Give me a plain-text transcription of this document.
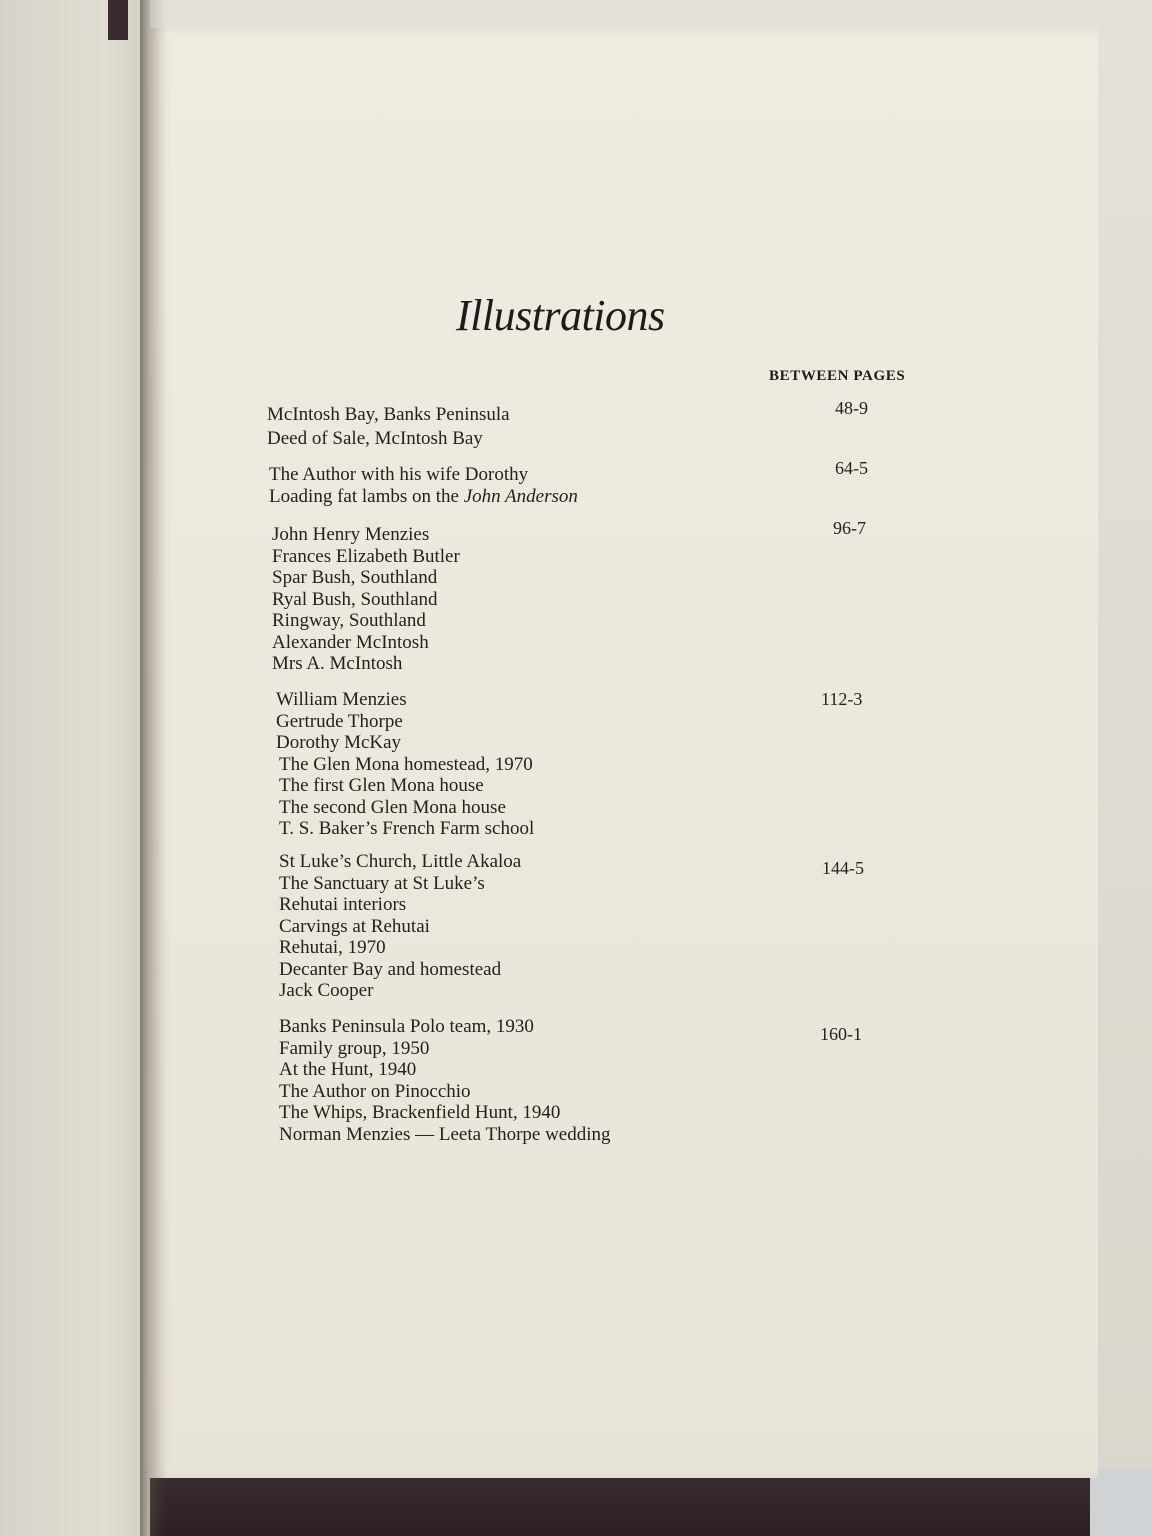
Illustrations
BETWEEN PAGES
McIntosh Bay, Banks Peninsula
Deed of Sale, McIntosh Bay
48-9
The Author with his wife Dorothy
Loading fat lambs on the John Anderson
64-5
John Henry Menzies
Frances Elizabeth Butler
Spar Bush, Southland
Ryal Bush, Southland
Ringway, Southland
Alexander McIntosh
Mrs A. McIntosh
96-7
William Menzies
Gertrude Thorpe
Dorothy McKay
The Glen Mona homestead, 1970
The first Glen Mona house
The second Glen Mona house
T. S. Baker’s French Farm school
112-3
St Luke’s Church, Little Akaloa
The Sanctuary at St Luke’s
Rehutai interiors
Carvings at Rehutai
Rehutai, 1970
Decanter Bay and homestead
Jack Cooper
144-5
Banks Peninsula Polo team, 1930
Family group, 1950
At the Hunt, 1940
The Author on Pinocchio
The Whips, Brackenfield Hunt, 1940
Norman Menzies — Leeta Thorpe wedding
160-1
